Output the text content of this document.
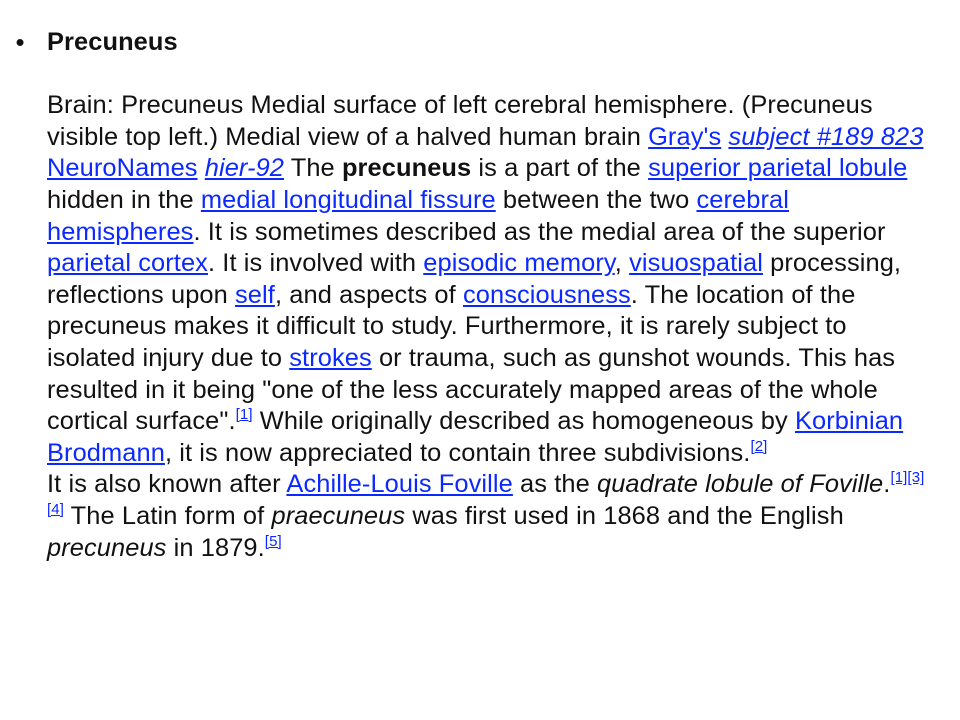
• Precuneus

Brain: Precuneus Medial surface of left cerebral hemisphere. (Precuneus visible top left.) Medial view of a halved human brain Gray's subject #189 823 NeuroNames hier-92 The precuneus is a part of the superior parietal lobule hidden in the medial longitudinal fissure between the two cerebral hemispheres. It is sometimes described as the medial area of the superior parietal cortex. It is involved with episodic memory, visuospatial processing, reflections upon self, and aspects of consciousness. The location of the precuneus makes it difficult to study. Furthermore, it is rarely subject to isolated injury due to strokes or trauma, such as gunshot wounds. This has resulted in it being "one of the less accurately mapped areas of the whole cortical surface".[1] While originally described as homogeneous by Korbinian Brodmann, it is now appreciated to contain three subdivisions.[2]

It is also known after Achille-Louis Foville as the quadrate lobule of Foville.[1][3][4] The Latin form of praecuneus was first used in 1868 and the English precuneus in 1879.[5]
